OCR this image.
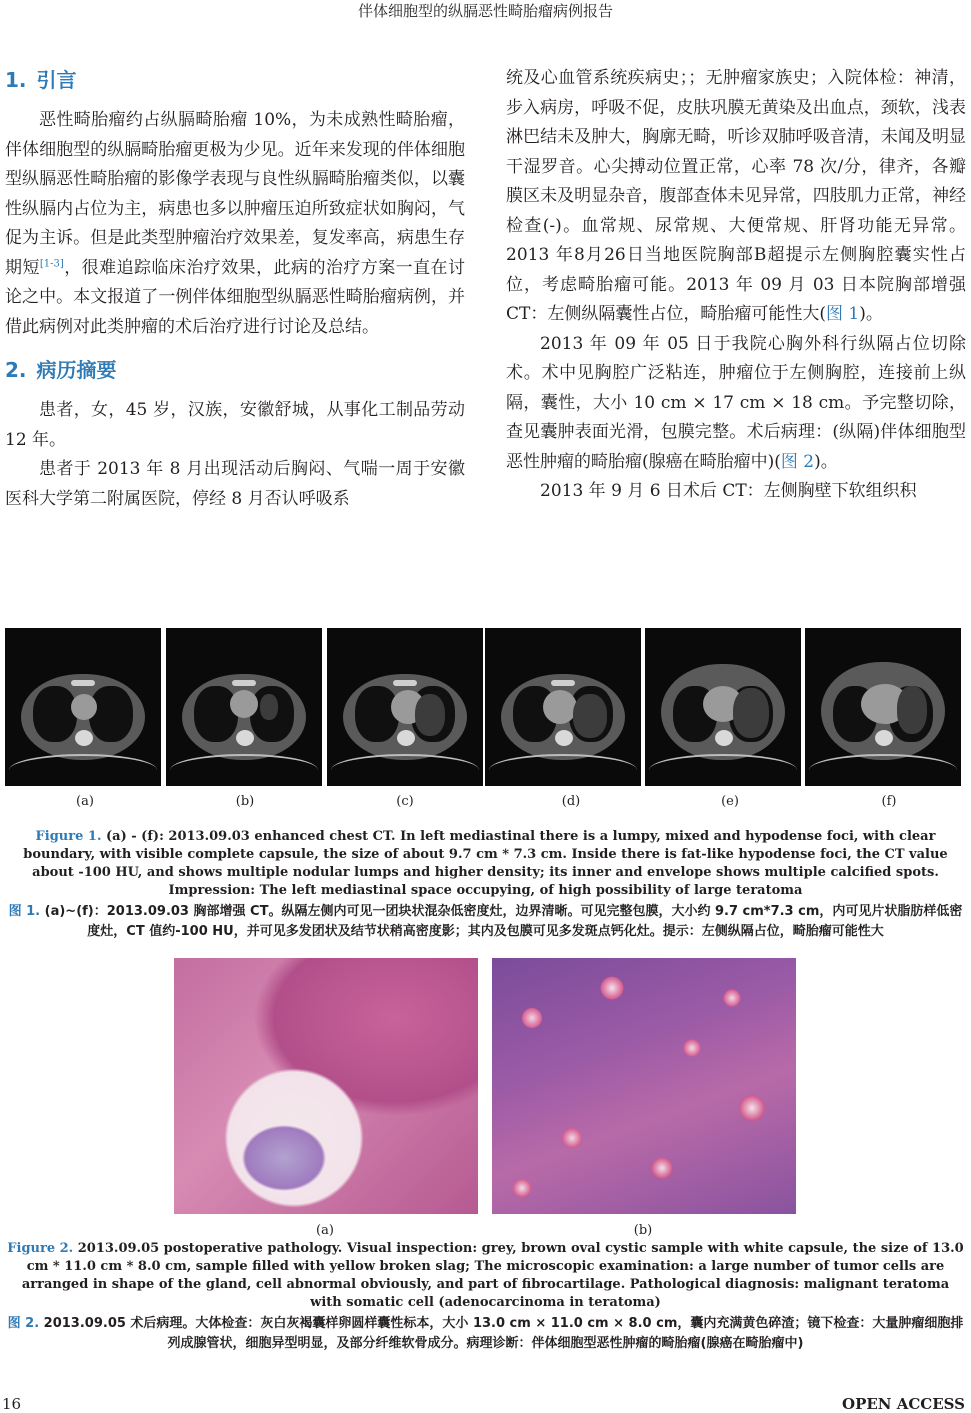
伴体细胞型的纵膈恶性畸胎瘤病例报告
1. 引言

恶性畸胎瘤约占纵膈畸胎瘤 10%，为未成熟性畸胎瘤，伴体细胞型的纵膈畸胎瘤更极为少见。近年来发现的伴体细胞型纵膈恶性畸胎瘤的影像学表现与良性纵膈畸胎瘤类似，以囊性纵膈内占位为主，病患也多以肿瘤压迫所致症状如胸闷，气促为主诉。但是此类型肿瘤治疗效果差，复发率高，病患生存期短[1-3]，很难追踪临床治疗效果，此病的治疗方案一直在讨论之中。本文报道了一例伴体细胞型纵膈恶性畸胎瘤病例，并借此病例对此类肿瘤的术后治疗进行讨论及总结。

2. 病历摘要

患者，女，45 岁，汉族，安徽舒城，从事化工制品劳动 12 年。

患者于 2013 年 8 月出现活动后胸闷、气喘一周于安徽医科大学第二附属医院，停经 8 月否认呼吸系

统及心血管系统疾病史；；无肿瘤家族史；入院体检：神清，步入病房，呼吸不促，皮肤巩膜无黄染及出血点，颈软，浅表淋巴结未及肿大，胸廓无畸，听诊双肺呼吸音清，未闻及明显干湿罗音。心尖搏动位置正常，心率 78 次/分，律齐，各瓣膜区未及明显杂音，腹部查体未见异常，四肢肌力正常，神经检查(-)。血常规、尿常规、大便常规、肝肾功能无异常。2013 年8月26日当地医院胸部B超提示左侧胸腔囊实性占位，考虑畸胎瘤可能。2013 年 09 月 03 日本院胸部增强CT：左侧纵隔囊性占位，畸胎瘤可能性大(图 1)。

2013 年 09 年 05 日于我院心胸外科行纵隔占位切除术。术中见胸腔广泛粘连，肿瘤位于左侧胸腔，连接前上纵隔，囊性，大小 10 cm × 17 cm × 18 cm。予完整切除，查见囊肿表面光滑，包膜完整。术后病理：(纵隔)伴体细胞型恶性肿瘤的畸胎瘤(腺癌在畸胎瘤中)(图 2)。

2013 年 9 月 6 日术后 CT：左侧胸壁下软组织积

(a)	(b)	(c)	(d)	(e)	(f)
Figure 1. (a) - (f): 2013.09.03 enhanced chest CT. In left mediastinal there is a lumpy, mixed and hypodense foci, with clear boundary, with visible complete capsule, the size of about 9.7 cm * 7.3 cm. Inside there is fat-like hypodense foci, the CT value about -100 HU, and shows multiple nodular lumps and higher density; its inner and envelope shows multiple calcified spots. Impression: The left mediastinal space occupying, of high possibility of large teratoma
图 1. (a)~(f)：2013.09.03 胸部增强 CT。纵隔左侧内可见一团块状混杂低密度灶，边界清晰。可见完整包膜，大小约 9.7 cm*7.3 cm，内可见片状脂肪样低密度灶，CT 值约-100 HU，并可见多发团状及结节状稍高密度影；其内及包膜可见多发斑点钙化灶。提示：左侧纵隔占位，畸胎瘤可能性大
(a)	(b)
Figure 2. 2013.09.05 postoperative pathology. Visual inspection: grey, brown oval cystic sample with white capsule, the size of 13.0 cm * 11.0 cm * 8.0 cm, sample filled with yellow broken slag; The microscopic examination: a large number of tumor cells are arranged in shape of the gland, cell abnormal obviously, and part of fibrocartilage. Pathological diagnosis: malignant teratoma with somatic cell (adenocarcinoma in teratoma)
图 2. 2013.09.05 术后病理。大体检查：灰白灰褐囊样卵圆样囊性标本，大小 13.0 cm × 11.0 cm × 8.0 cm，囊内充满黄色碎渣；镜下检查：大量肿瘤细胞排列成腺管状，细胞异型明显，及部分纤维软骨成分。病理诊断：伴体细胞型恶性肿瘤的畸胎瘤(腺癌在畸胎瘤中)
16	OPEN ACCESS
